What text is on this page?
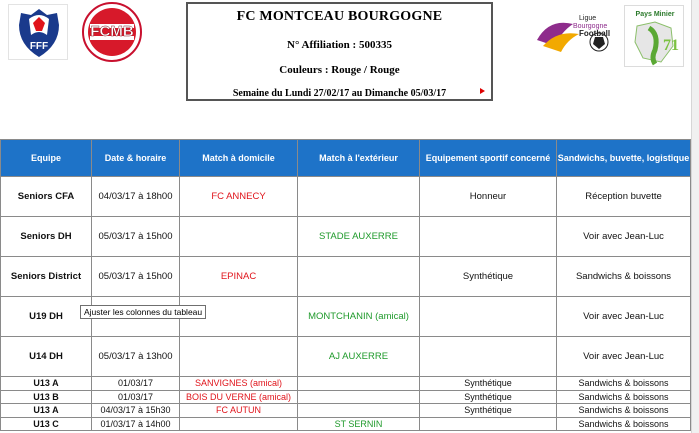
FFF
FCMB
FC MONTCEAU BOURGOGNE
N° Affiliation : 500335
Couleurs : Rouge / Rouge
Semaine du Lundi 27/02/17 au Dimanche 05/03/17
Ligue
Bourgogne
Football
Pays Minier
71
Equipe	Date & horaire	Match à domicile	Match à l'extérieur	Equipement sportif concerné	Sandwichs, buvette, logistique
Seniors CFA	04/03/17 à 18h00	FC ANNECY		Honneur	Réception buvette
Seniors DH	05/03/17 à 15h00		STADE AUXERRE		Voir avec Jean-Luc
Seniors District	05/03/17 à 15h00	EPINAC		Synthétique	Sandwichs & boissons
U19 DH			MONTCHANIN (amical)		Voir avec Jean-Luc
U14 DH	05/03/17 à 13h00		AJ AUXERRE		Voir avec Jean-Luc
U13 A	01/03/17	SANVIGNES (amical)		Synthétique	Sandwichs & boissons
U13 B	01/03/17	BOIS DU VERNE (amical)		Synthétique	Sandwichs & boissons
U13 A	04/03/17 à 15h30	FC AUTUN		Synthétique	Sandwichs & boissons
U13 C	01/03/17 à 14h00		ST SERNIN		Sandwichs & boissons
Ajuster les colonnes du tableau
